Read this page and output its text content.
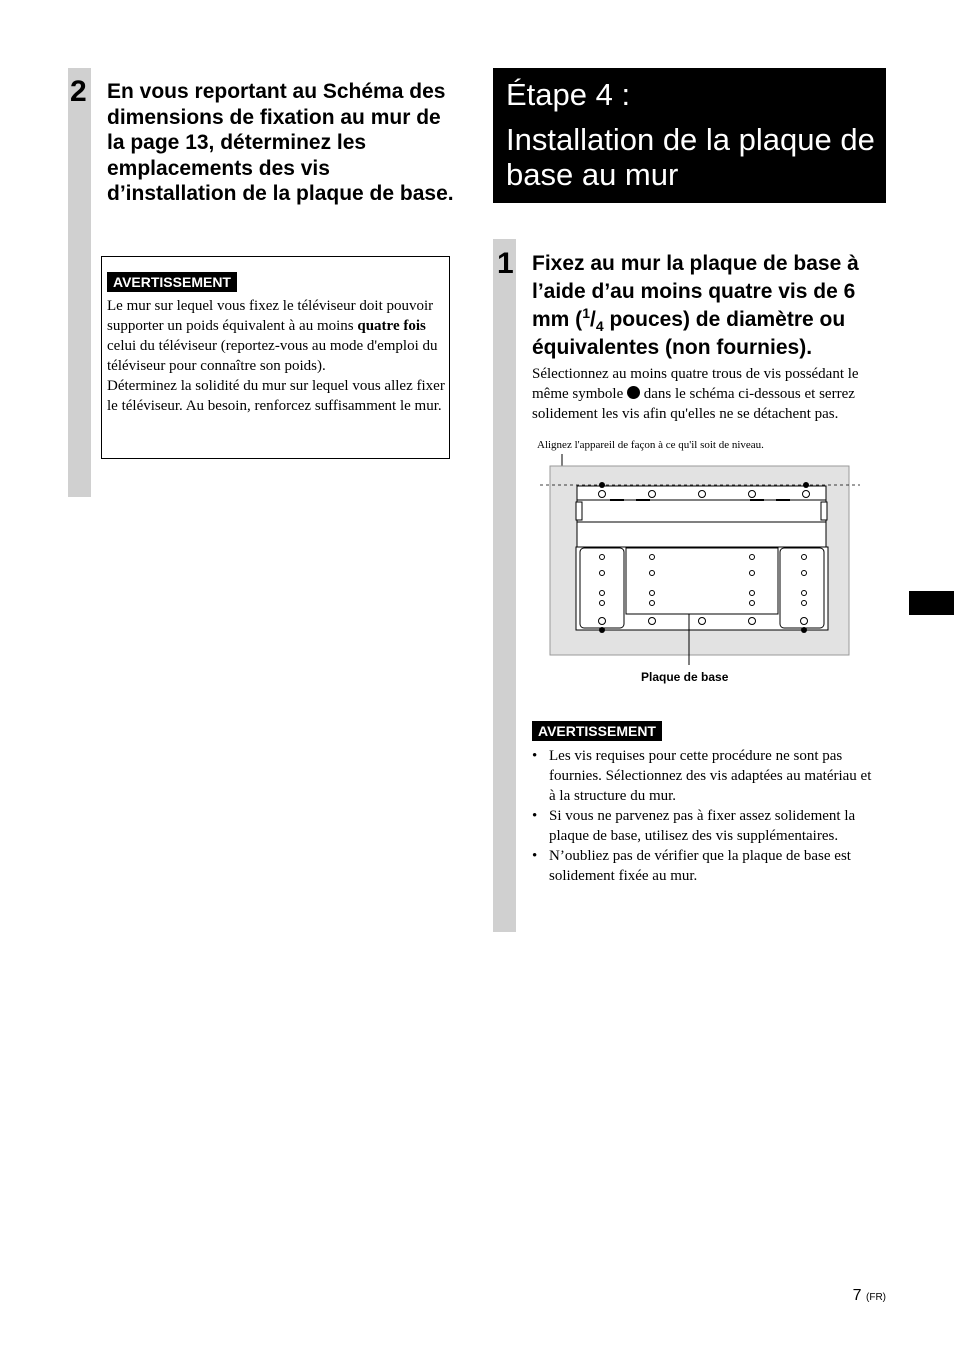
2 En vous reportant au Schéma des dimensions de fixation au mur de la page 13, déterminez les emplacements des vis d’installation de la plaque de base.
AVERTISSEMENT

Le mur sur lequel vous fixez le téléviseur doit pouvoir supporter un poids équivalent à au moins quatre fois celui du téléviseur (reportez-vous au mode d'emploi du téléviseur pour connaître son poids).
Déterminez la solidité du mur sur lequel vous allez fixer le téléviseur. Au besoin, renforcez suffisamment le mur.

Étape 4 :
Installation de la plaque de base au mur
1 Fixez au mur la plaque de base à l’aide d’au moins quatre vis de 6 mm ($^1/_4$ pouces) de diamètre ou équivalentes (non fournies).

Sélectionnez au moins quatre trous de vis possédant le même symbole  dans le schéma ci-dessous et serrez solidement les vis afin qu'elles ne se détachent pas.

Alignez l'appareil de façon à ce qu'il soit de niveau.
Plaque de base
AVERTISSEMENT
• Les vis requises pour cette procédure ne sont pas fournies. Sélectionnez des vis adaptées au matériau et à la structure du mur.
• Si vous ne parvenez pas à fixer assez solidement la plaque de base, utilisez des vis supplémentaires.
• N’oubliez pas de vérifier que la plaque de base est solidement fixée au mur.
7 (FR)
